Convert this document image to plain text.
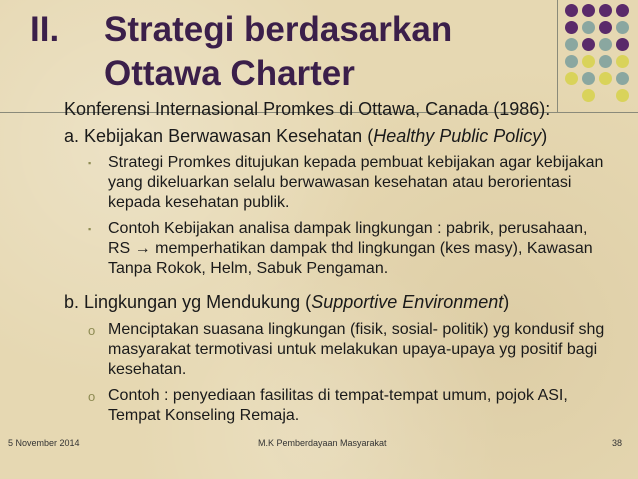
II. Strategi berdasarkan
Ottawa Charter
Konferensi Internasional Promkes di Ottawa, Canada (1986):
a. Kebijakan Berwawasan Kesehatan (Healthy Public Policy)
▪	Strategi Promkes ditujukan kepada pembuat kebijakan agar kebijakan yang dikeluarkan selalu berwawasan kesehatan atau berorientasi kepada kesehatan publik.
▪	Contoh Kebijakan analisa dampak lingkungan : pabrik, perusahaan, RS → memperhatikan dampak thd lingkungan (kes masy), Kawasan Tanpa Rokok, Helm, Sabuk Pengaman.
b. Lingkungan yg Mendukung (Supportive Environment)
o Menciptakan suasana lingkungan (fisik, sosial- politik) yg kondusif shg masyarakat termotivasi untuk melakukan upaya-upaya yg positif bagi kesehatan.
o Contoh : penyediaan fasilitas di tempat-tempat umum, pojok ASI, Tempat Konseling Remaja.
5 November 2014	M.K Pemberdayaan Masyarakat	38
